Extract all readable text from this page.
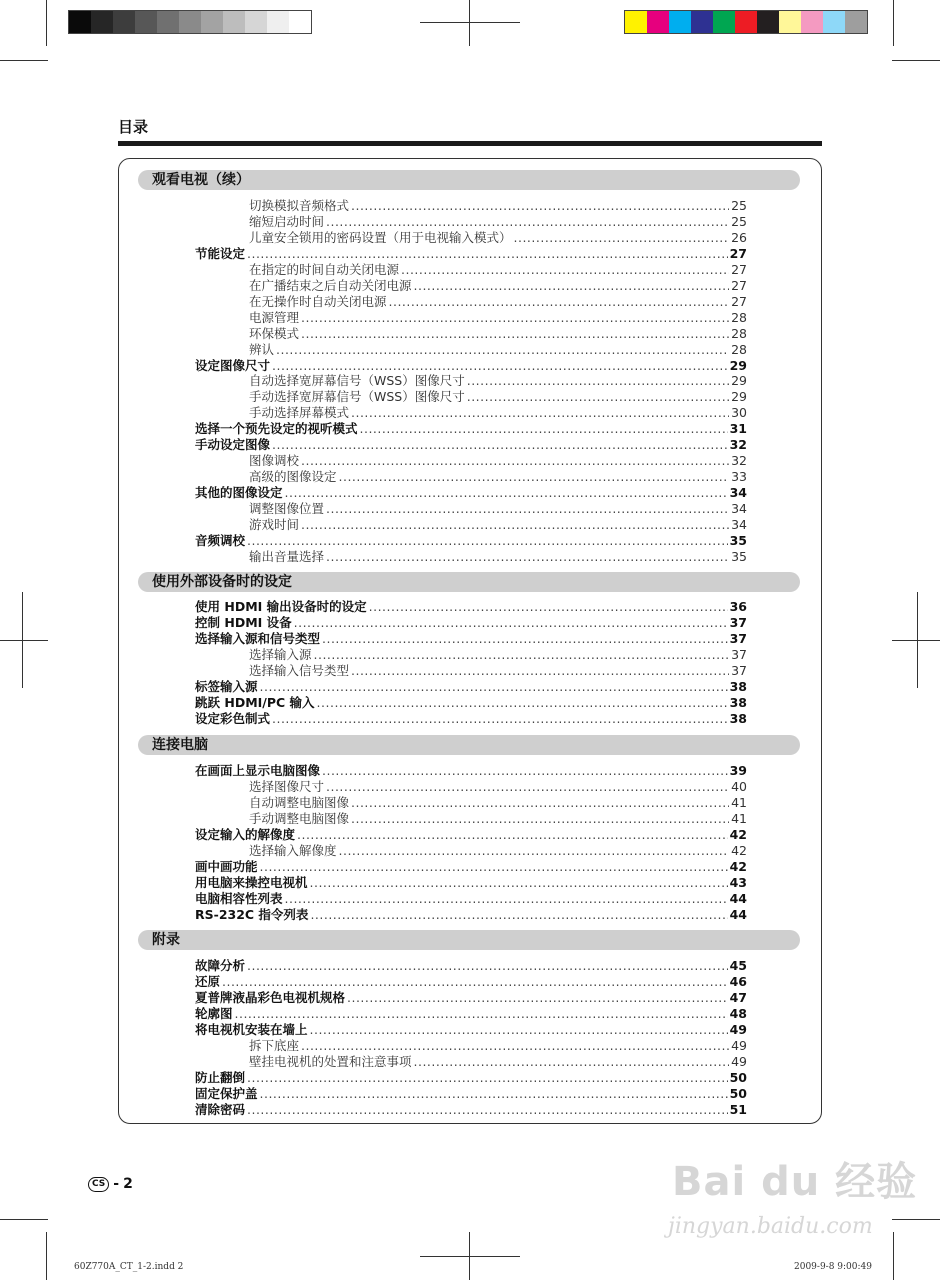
目录
观看电视（续）
切换模拟音频格式 .....	25
缩短启动时间 .....	25
儿童安全锁用的密码设置（用于电视输入模式） .....	26
节能设定 .....	27
在指定的时间自动关闭电源 .....	27
在广播结束之后自动关闭电源 .....	27
在无操作时自动关闭电源 .....	27
电源管理 .....	28
环保模式 .....	28
辨认 .....	28
设定图像尺寸 .....	29
自动选择宽屏幕信号（WSS）图像尺寸 .....	29
手动选择宽屏幕信号（WSS）图像尺寸 .....	29
手动选择屏幕模式 .....	30
选择一个预先设定的视听模式 .....	31
手动设定图像 .....	32
图像调校 .....	32
高级的图像设定 .....	33
其他的图像设定 .....	34
调整图像位置 .....	34
游戏时间 .....	34
音频调校 .....	35
输出音量选择 .....	35
使用外部设备时的设定
使用 HDMI 输出设备时的设定 .....	36
控制 HDMI 设备 .....	37
选择输入源和信号类型 .....	37
选择输入源 .....	37
选择输入信号类型 .....	37
标签输入源 .....	38
跳跃 HDMI/PC 输入 .....	38
设定彩色制式 .....	38
连接电脑
在画面上显示电脑图像 .....	39
选择图像尺寸 .....	40
自动调整电脑图像 .....	41
手动调整电脑图像 .....	41
设定输入的解像度 .....	42
选择输入解像度 .....	42
画中画功能 .....	42
用电脑来操控电视机 .....	43
电脑相容性列表 .....	44
RS-232C 指令列表 .....	44
附录
故障分析 .....	45
还原 .....	46
夏普牌液晶彩色电视机规格 .....	47
轮廓图 .....	48
将电视机安装在墙上 .....	49
拆下底座 .....	49
壁挂电视机的处置和注意事项 .....	49
防止翻倒 .....	50
固定保护盖 .....	50
清除密码 .....	51
CS - 2	Bai du 经验
jingyan.baidu.com
60Z770A_CT_1-2.indd 2	2009-9-8 9:00:49
